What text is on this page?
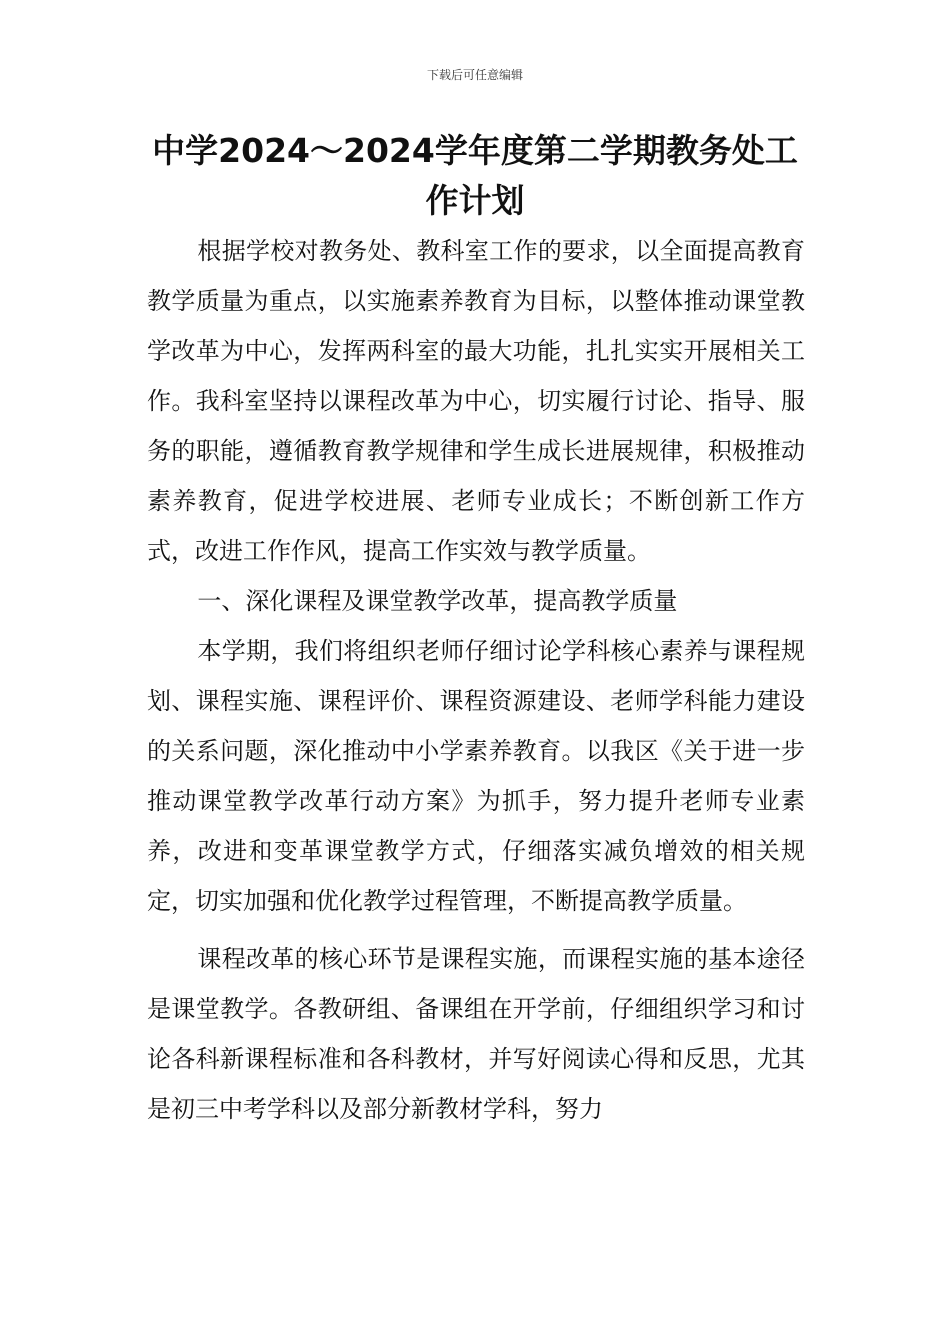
下载后可任意编辑
中学2024～2024学年度第二学期教务处工作计划

根据学校对教务处、教科室工作的要求，以全面提高教育教学质量为重点，以实施素养教育为目标，以整体推动课堂教学改革为中心，发挥两科室的最大功能，扎扎实实开展相关工作。我科室坚持以课程改革为中心，切实履行讨论、指导、服务的职能，遵循教育教学规律和学生成长进展规律，积极推动素养教育，促进学校进展、老师专业成长；不断创新工作方式，改进工作作风，提高工作实效与教学质量。

一、深化课程及课堂教学改革，提高教学质量

本学期，我们将组织老师仔细讨论学科核心素养与课程规划、课程实施、课程评价、课程资源建设、老师学科能力建设的关系问题，深化推动中小学素养教育。以我区《关于进一步推动课堂教学改革行动方案》为抓手，努力提升老师专业素养，改进和变革课堂教学方式，仔细落实减负增效的相关规定，切实加强和优化教学过程管理，不断提高教学质量。

课程改革的核心环节是课程实施，而课程实施的基本途径是课堂教学。各教研组、备课组在开学前，仔细组织学习和讨论各科新课程标准和各科教材，并写好阅读心得和反思，尤其是初三中考学科以及部分新教材学科，努力
